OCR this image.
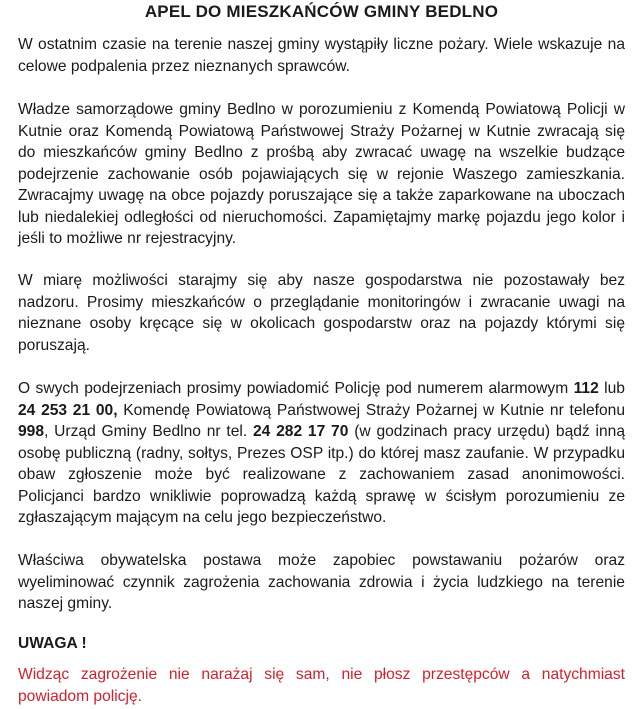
APEL DO MIESZKAŃCÓW GMINY BEDLNO

W ostatnim czasie na terenie naszej gminy wystąpiły liczne pożary. Wiele wskazuje na celowe podpalenia przez nieznanych sprawców.

Władze samorządowe gminy Bedlno w porozumieniu z Komendą Powiatową Policji w Kutnie oraz Komendą Powiatową Państwowej Straży Pożarnej w Kutnie zwracają się do mieszkańców gminy Bedlno z prośbą aby zwracać uwagę na wszelkie budzące podejrzenie zachowanie osób pojawiających się w rejonie Waszego zamieszkania. Zwracajmy uwagę na obce pojazdy poruszające się a także zaparkowane na uboczach lub niedalekiej odległości od nieruchomości. Zapamiętajmy markę pojazdu jego kolor i jeśli to możliwe nr rejestracyjny.

W miarę możliwości starajmy się aby nasze gospodarstwa nie pozostawały bez nadzoru. Prosimy mieszkańców o przeglądanie monitoringów i zwracanie uwagi na nieznane osoby kręcące się w okolicach gospodarstw oraz na pojazdy którymi się poruszają.

O swych podejrzeniach prosimy powiadomić Policję pod numerem alarmowym 112 lub 24 253 21 00, Komendę Powiatową Państwowej Straży Pożarnej w Kutnie nr telefonu 998, Urząd Gminy Bedlno nr tel. 24 282 17 70 (w godzinach pracy urzędu) bądź inną osobę publiczną (radny, sołtys, Prezes OSP itp.) do której masz zaufanie. W przypadku obaw zgłoszenie może być realizowane z zachowaniem zasad anonimowości. Policjanci bardzo wnikliwie poprowadzą każdą sprawę w ścisłym porozumieniu ze zgłaszającym mającym na celu jego bezpieczeństwo.

Właściwa obywatelska postawa może zapobiec powstawaniu pożarów oraz wyeliminować czynnik zagrożenia zachowania zdrowia i życia ludzkiego na terenie naszej gminy.

UWAGA !

Widząc zagrożenie nie narażaj się sam, nie płosz przestępców a natychmiast powiadom policję.
